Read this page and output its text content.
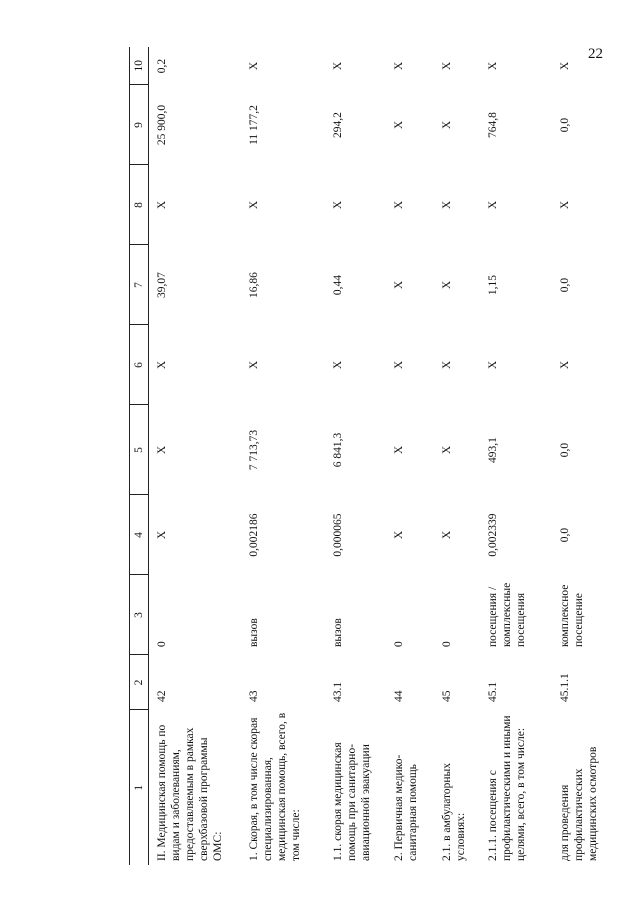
22
1	2	3	4	5	6	7	8	9	10
II. Медицинская помощь по видам и заболеваниям, предоставляемым в рамках сверхбазовой программы ОМС:	42	0	X	X	X	39,07	X	25 900,0	0,2
1. Скорая, в том числе скорая специализированная, медицинская помощь, всего, в том числе:	43	вызов	0,002186	7 713,73	X	16,86	X	11 177,2	X
1.1. скорая медицинская помощь при санитарно-авиационной эвакуации	43.1	вызов	0,000065	6 841,3	X	0,44	X	294,2	X
2. Первичная медико-санитарная помощь	44	0	X	X	X	X	X	X	X
2.1. в амбулаторных условиях:	45	0	X	X	X	X	X	X	X
2.1.1. посещения с профилактическими и иными целями, всего, в том числе:	45.1	посещения / комплексные посещения	0,002339	493,1	X	1,15	X	764,8	X
для проведения профилактических медицинских осмотров	45.1.1	комплексное посещение	0,0	0,0	X	0,0	X	0,0	X
